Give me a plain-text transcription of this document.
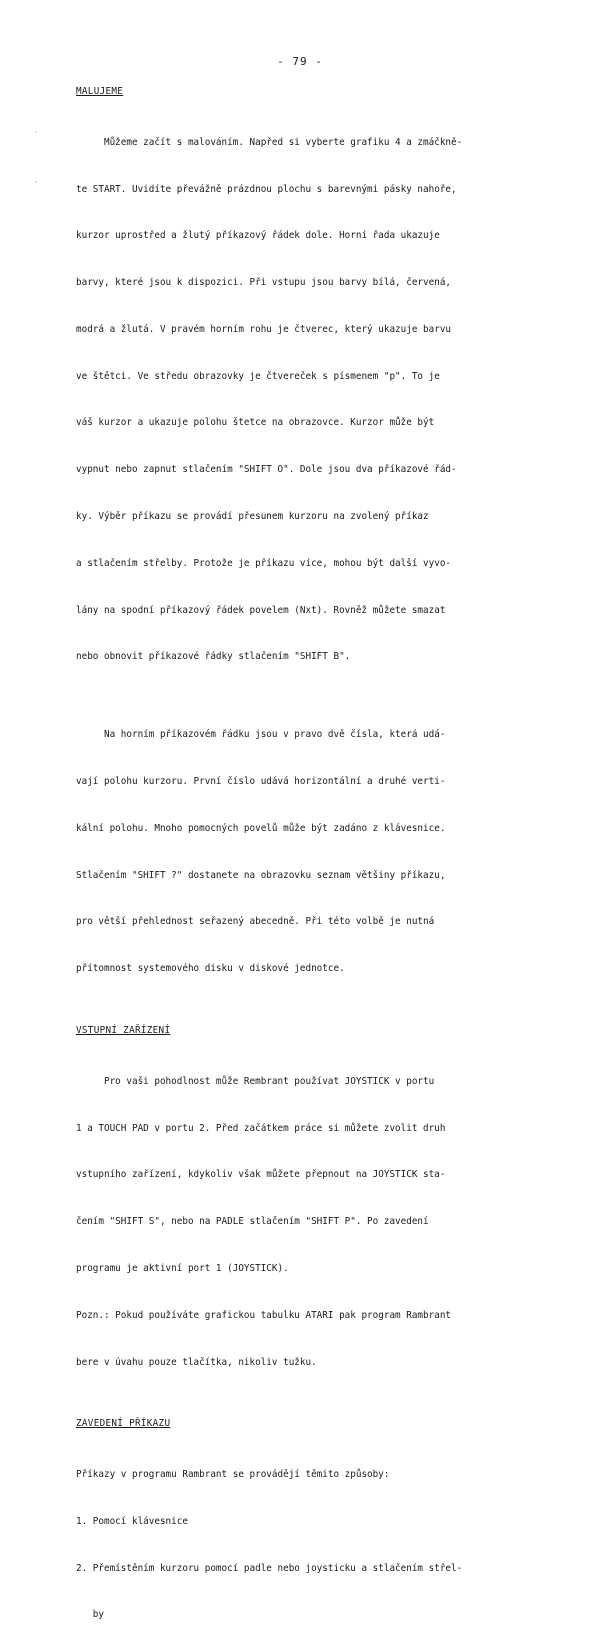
- 79 -
·
·

MALUJEME

Můžeme začít s malováním. Napřed si vyberte grafiku 4 a zmáčkně-

te START. Uvidíte převážně prázdnou plochu s barevnými pásky nahoře,

kurzor uprostřed a žlutý příkazový řádek dole. Horní řada ukazuje

barvy, které jsou k dispozici. Při vstupu jsou barvy bílá, červená,

modrá a žlutá. V pravém horním rohu je čtverec, který ukazuje barvu

ve štětci. Ve středu obrazovky je čtvereček s písmenem "p". To je

váš kurzor a ukazuje polohu štetce na obrazovce. Kurzor může být

vypnut nebo zapnut stlačením "SHIFT O". Dole jsou dva příkazové řád-

ky. Výběr příkazu se provádí přesunem kurzoru na zvolený příkaz

a stlačením střelby. Protože je příkazu více, mohou být další vyvo-

lány na spodní příkazový řádek povelem (Nxt). Rovněž můžete smazat

nebo obnovit příkazové řádky stlačením "SHIFT B".

Na horním příkazovém řádku jsou v pravo dvě čísla, která udá-

vají polohu kurzoru. První číslo udává horizontální a druhé verti-

kální polohu. Mnoho pomocných povelů může být zadáno z klávesnice.

Stlačením "SHIFT ?" dostanete na obrazovku seznam většiny příkazu,

pro větší přehlednost seřazený abecedně. Při této volbě je nutná

přítomnost systemového disku v diskové jednotce.

VSTUPNÍ ZAŘÍZENÍ

Pro vaši pohodlnost může Rembrant používat JOYSTICK v portu

1 a TOUCH PAD v portu 2. Před začátkem práce si můžete zvolit druh

vstupního zařízení, kdykoliv však můžete přepnout na JOYSTICK sta-

čením "SHIFT S", nebo na PADLE stlačením "SHIFT P". Po zavedení

programu je aktivní port 1 (JOYSTICK).

Pozn.: Pokud používáte grafickou tabulku ATARI pak program Rambrant

bere v úvahu pouze tlačítka, nikoliv tužku.

ZAVEDENÍ PŘÍKAZU

Příkazy v programu Rambrant se provádějí těmito způsoby:

1. Pomocí klávesnice

2. Přemístěním kurzoru pomocí padle nebo joysticku a stlačením střel-

by
